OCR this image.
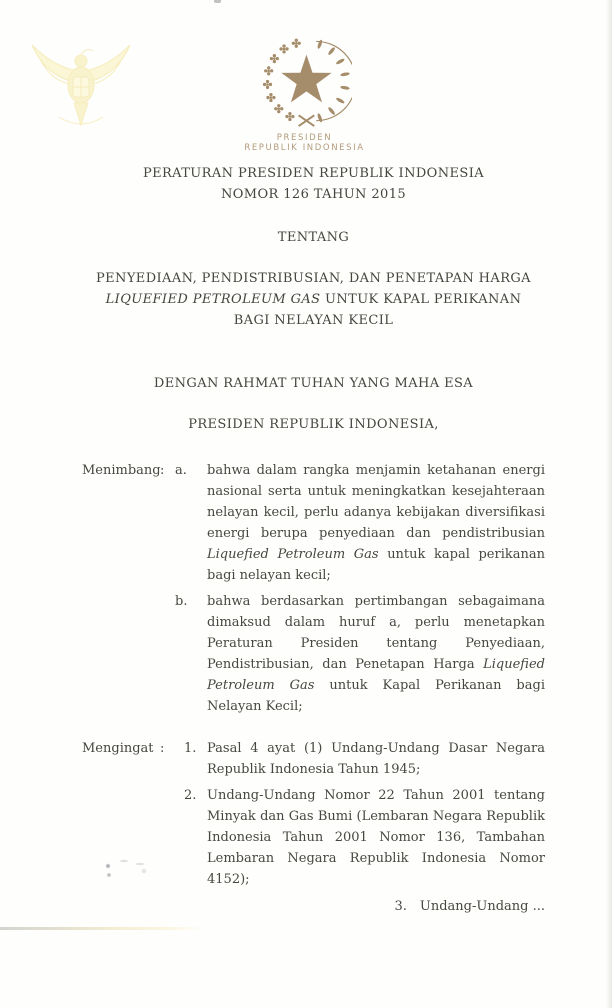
PRESIDEN
REPUBLIK INDONESIA
PERATURAN PRESIDEN REPUBLIK INDONESIA
NOMOR 126 TAHUN 2015
TENTANG
PENYEDIAAN, PENDISTRIBUSIAN, DAN PENETAPAN HARGA
LIQUEFIED PETROLEUM GAS UNTUK KAPAL PERIKANAN
BAGI NELAYAN KECIL
DENGAN RAHMAT TUHAN YANG MAHA ESA
PRESIDEN REPUBLIK INDONESIA,
Menimbang : a.	bahwa dalam rangka menjamin ketahanan energi nasional serta untuk meningkatkan kesejahteraan nelayan kecil, perlu adanya kebijakan diversifikasi energi berupa penyediaan dan pendistribusian Liquefied Petroleum Gas untuk kapal perikanan bagi nelayan kecil;
b.	bahwa berdasarkan pertimbangan sebagaimana dimaksud dalam huruf a, perlu menetapkan Peraturan Presiden tentang Penyediaan, Pendistribusian, dan Penetapan Harga Liquefied Petroleum Gas untuk Kapal Perikanan bagi Nelayan Kecil;
Mengingat :	1. Pasal 4 ayat (1) Undang-Undang Dasar Negara Republik Indonesia Tahun 1945;
2. Undang-Undang Nomor 22 Tahun 2001 tentang Minyak dan Gas Bumi (Lembaran Negara Republik Indonesia Tahun 2001 Nomor 136, Tambahan Lembaran Negara Republik Indonesia Nomor 4152);
3. Undang-Undang ...
